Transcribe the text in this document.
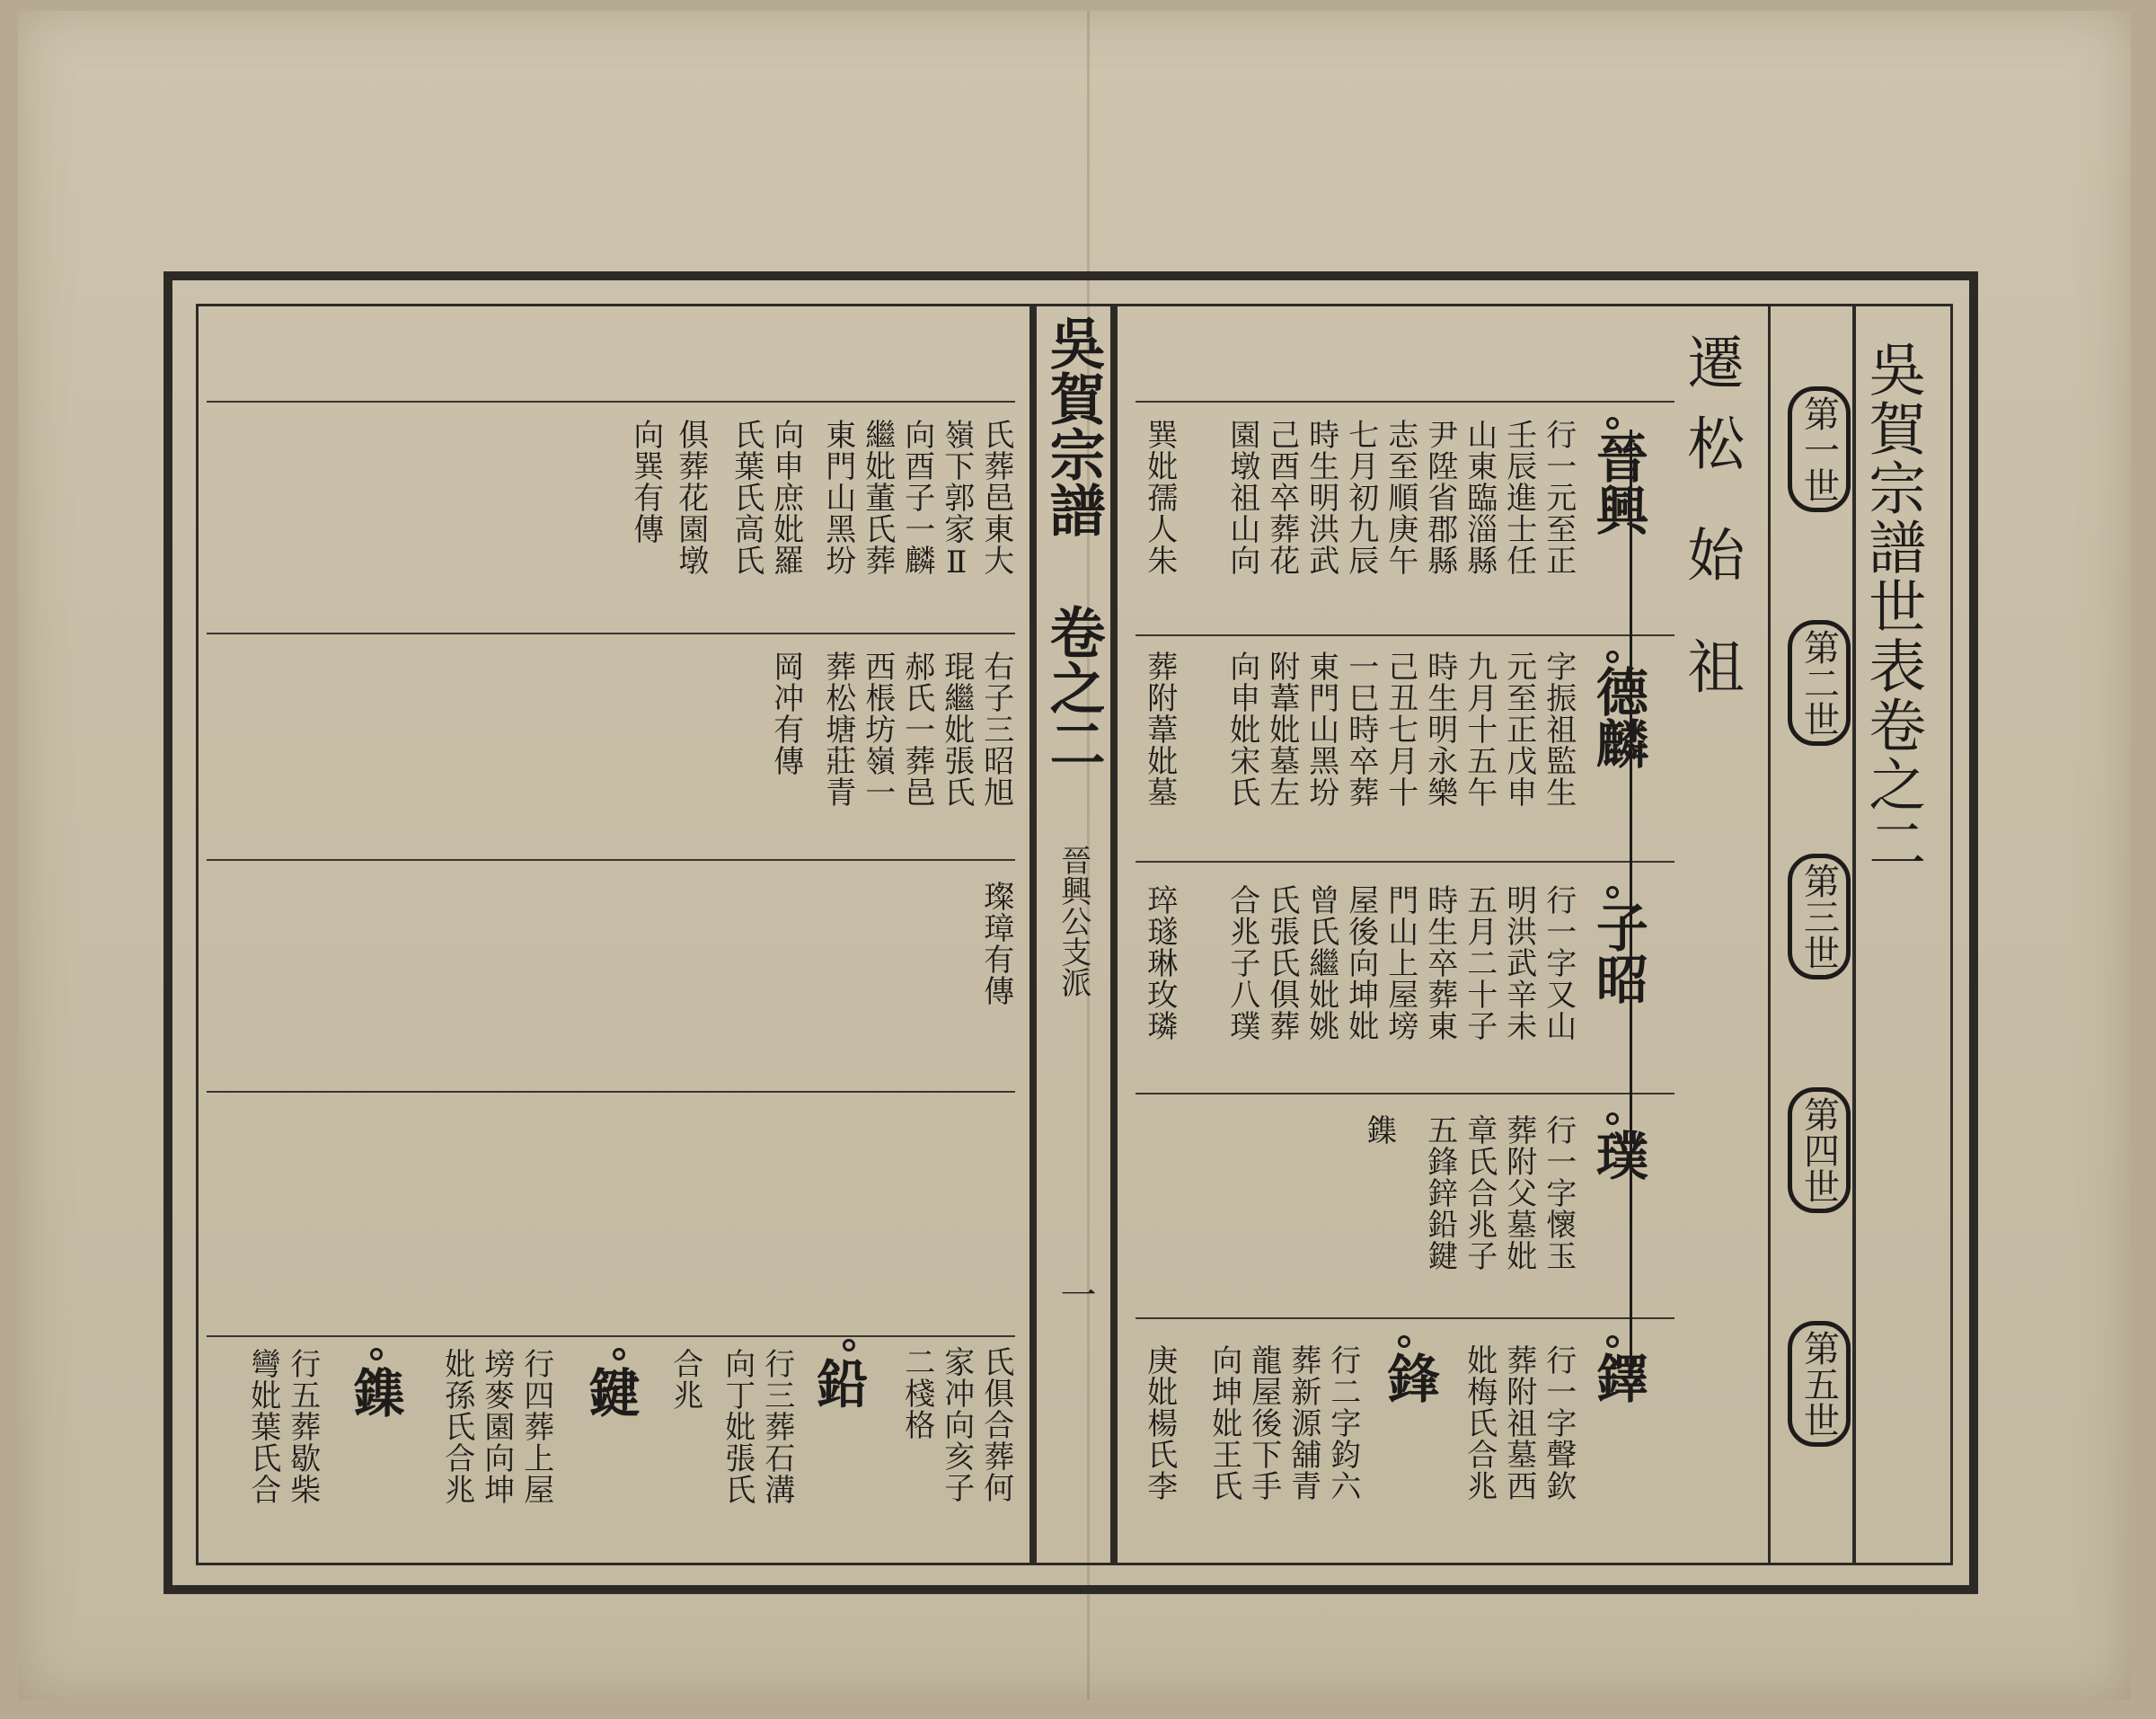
吳賀宗譜世表卷之二
第一世
第二世
第三世
第四世
第五世
遷
松 始 祖
晉興
行一元至正
壬辰進士任
山東臨淄縣
尹陞省郡縣
志至順庚午
七月初九辰
時生明洪武
己酉卒葬花
園墩祖山向
巽妣孺人朱
德麟
字振祖監生
元至正戊申
九月十五午
時生明永樂
己丑七月十
一巳時卒葬
東門山黑坋
附葦妣墓左
向申妣宋氏
葬附葦妣墓
子昭
行一字又山
明洪武辛未
五月二十子
時生卒葬東
門山上屋塝
屋後向坤妣
曾氏繼妣姚
氏張氏俱葬
合兆子八璞
琗璲琳玫璘
璞
行一字懷玉
葬附父墓妣
章氏合兆子
五鋒鋅鉛鍵
鏶
鐸
行一字聲欽
葬附祖墓西
妣梅氏合兆
鋒
行二字鈞六
葬新源舖青
龍屋後下手
向坤妣王氏
庚妣楊氏李
吳賀宗譜
卷之二
晉興公支派
一
氏葬邑東大
嶺下郭家Ⅱ
向酉子一麟
繼妣董氏葬
東門山黑坋
向申庶妣羅
氏葉氏高氏
俱葬花園墩
向巽有傳
右子三昭旭
琨繼妣張氏
郝氏一葬邑
西棖坊嶺一
葬松塘莊青
岡冲有傳
璨璋有傳
氏俱合葬何
家冲向亥子
二棧格
鉛
行三葬石溝
向丁妣張氏
合兆
鍵
行四葬上屋
塝麥園向坤
妣孫氏合兆
鏶
行五葬歇柴
彎妣葉氏合
